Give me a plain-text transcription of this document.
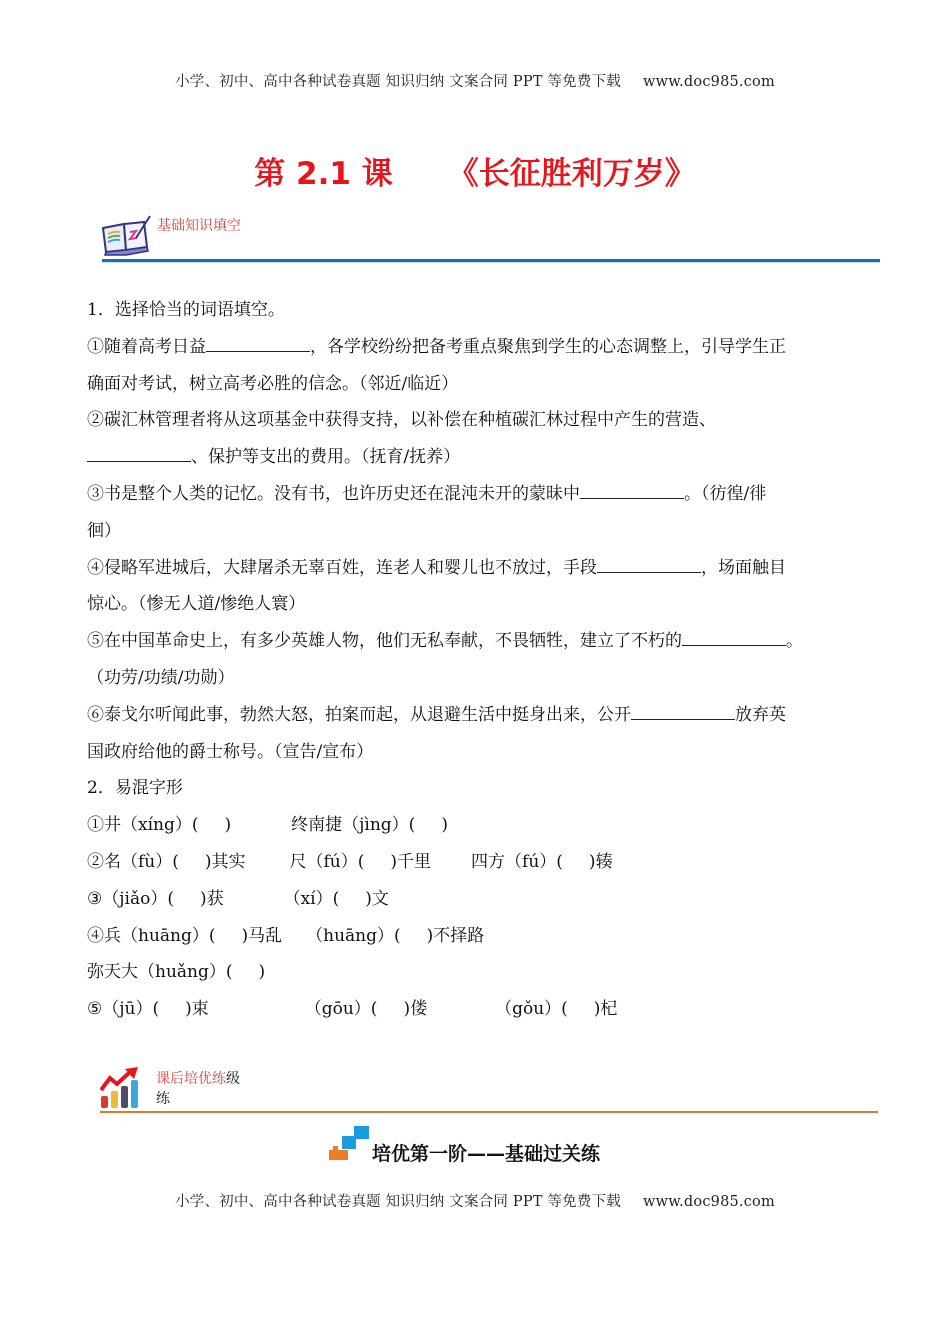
小学、初中、高中各种试卷真题 知识归纳 文案合同 PPT 等免费下载 www.doc985.com
第 2.1 课 《长征胜利万岁》
基础知识填空
1．选择恰当的词语填空。
①随着高考日益	，各学校纷纷把备考重点聚焦到学生的心态调整上，引导学生正
确面对考试，树立高考必胜的信念。（邻近/临近）
②碳汇林管理者将从这项基金中获得支持，以补偿在种植碳汇林过程中产生的营造、
、保护等支出的费用。（抚育/抚养）
③书是整个人类的记忆。没有书，也许历史还在混沌未开的蒙昧中	。（彷徨/徘
徊）
④侵略军进城后，大肆屠杀无辜百姓，连老人和婴儿也不放过，手段	，场面触目
惊心。（惨无人道/惨绝人寰）
⑤在中国革命史上，有多少英雄人物，他们无私奉献，不畏牺牲，建立了不朽的	。
（功劳/功绩/功勋）
⑥泰戈尔听闻此事，勃然大怒，拍案而起，从退避生活中挺身出来，公开	放弃英
国政府给他的爵士称号。（宣告/宣布）
2．易混字形
①井（xíng）( )	终南捷（jìng）( )
②名（fù）( )其实	尺（fú）( )千里 四方（fú）( )辏
③（jiǎo）( )获	（xí）( )文
④兵（huāng）( )马乱 （huāng）( )不择路
弥天大（huǎng）( )
⑤（jū）( )束	（gōu）( )偻	（gǒu）( )杞
课后培优练级
练
培优第一阶——基础过关练
小学、初中、高中各种试卷真题 知识归纳 文案合同 PPT 等免费下载 www.doc985.com
